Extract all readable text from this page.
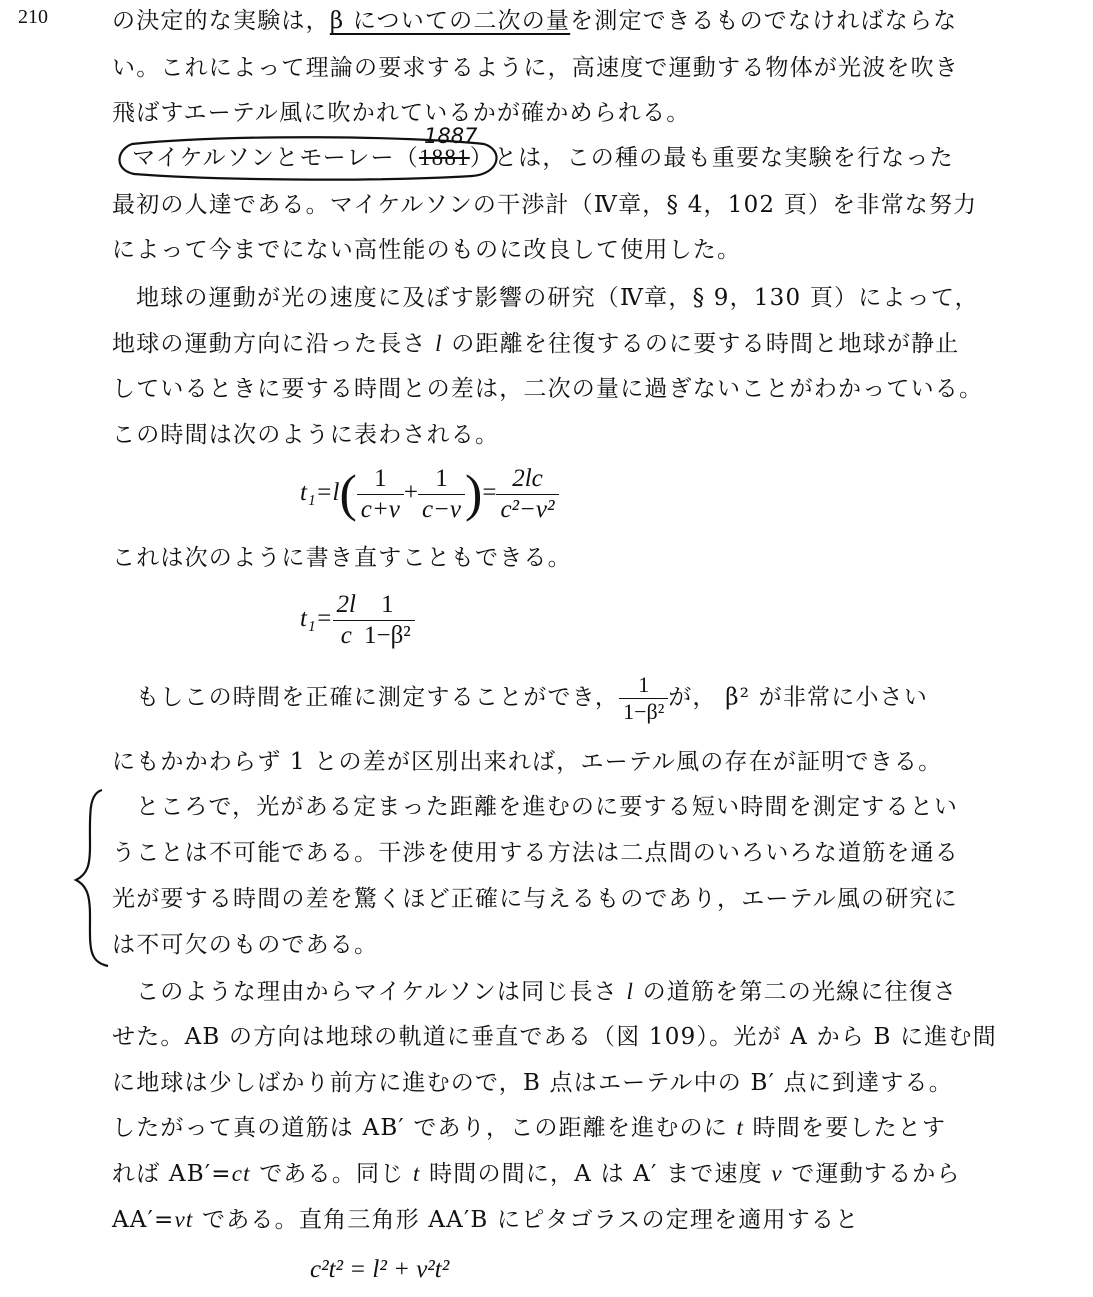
210	の決定的な実験は，β についての二次の量を測定できるものでなければならな
い。これによって理論の要求するように，高速度で運動する物体が光波を吹き
飛ばすエーテル風に吹かれているかが確かめられる。
1887
マイケルソンとモーレー（1881）とは，この種の最も重要な実験を行なった
最初の人達である。マイケルソンの干渉計（Ⅳ章，§ 4，102 頁）を非常な努力
によって今までにない高性能のものに改良して使用した。
地球の運動が光の速度に及ぼす影響の研究（Ⅳ章，§ 9，130 頁）によって，
地球の運動方向に沿った長さ l の距離を往復するのに要する時間と地球が静止
しているときに要する時間との差は，二次の量に過ぎないことがわかっている。
この時間は次のように表わされる。
$t_1=l( \frac{1}{c+v} + \frac{1}{c-v}$ )= $\frac{2lc}{\text{c²−v²}}$
これは次のように書き直すこともできる。
$t_1= \frac{2l}{c} \frac{1}{\text{1−β²}}$
もしこの時間を正確に測定することができ， $\frac{1}{\text{1−β²}}$ が， β² が非常に小さい
にもかかわらず 1 との差が区別出来れば，エーテル風の存在が証明できる。
ところで，光がある定まった距離を進むのに要する短い時間を測定するとい
うことは不可能である。干渉を使用する方法は二点間のいろいろな道筋を通る
光が要する時間の差を驚くほど正確に与えるものであり，エーテル風の研究に
は不可欠のものである。
このような理由からマイケルソンは同じ長さ l の道筋を第二の光線に往復さ
せた。AB の方向は地球の軌道に垂直である（図 109）。光が A から B に進む間
に地球は少しばかり前方に進むので，B 点はエーテル中の B′ 点に到達する。
したがって真の道筋は AB′ であり，この距離を進むのに t 時間を要したとす
れば AB′=ct である。同じ t 時間の間に，A は A′ まで速度 v で運動するから
AA′=vt である。直角三角形 AA′B にピタゴラスの定理を適用すると
c²t² = l² + v²t²
